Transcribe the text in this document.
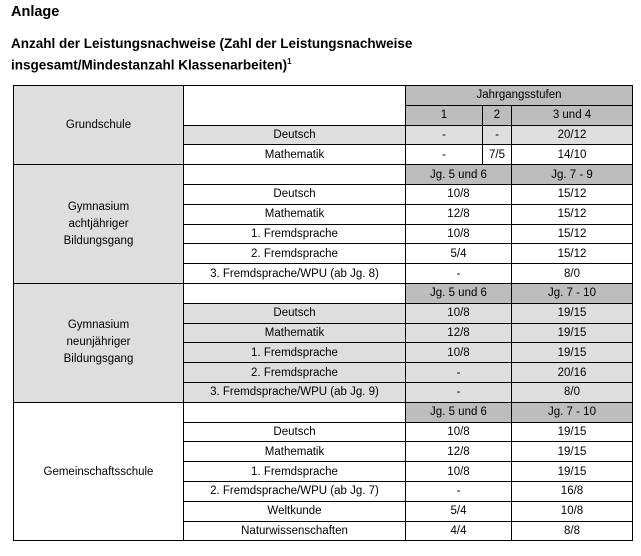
Anlage
Anzahl der Leistungsnachweise (Zahl der Leistungsnachweise
insgesamt/Mindestanzahl Klassenarbeiten)$^1$
Grundschule		Jahrgangsstufen		
		1	2	3 und 4
	Deutsch	-	-	20/12
	Mathematik	-	7/5	14/10
Gymnasium
achtjähriger
Bildungsgang		Jg. 5 und 6		Jg. 7 - 9
	Deutsch	10/8		15/12
	Mathematik	12/8		15/12
	1. Fremdsprache	10/8		15/12
	2. Fremdsprache	5/4		15/12
	3. Fremdsprache/WPU (ab Jg. 8)	-		8/0
Gymnasium
neunjähriger
Bildungsgang		Jg. 5 und 6		Jg. 7 - 10
	Deutsch	10/8		19/15
	Mathematik	12/8		19/15
	1. Fremdsprache	10/8		19/15
	2. Fremdsprache	-		20/16
	3. Fremdsprache/WPU (ab Jg. 9)	-		8/0
Gemeinschaftsschule		Jg. 5 und 6		Jg. 7 - 10
	Deutsch	10/8		19/15
	Mathematik	12/8		19/15
	1. Fremdsprache	10/8		19/15
	2. Fremdsprache/WPU (ab Jg. 7)	-		16/8
	Weltkunde	5/4		10/8
	Naturwissenschaften	4/4		8/8
